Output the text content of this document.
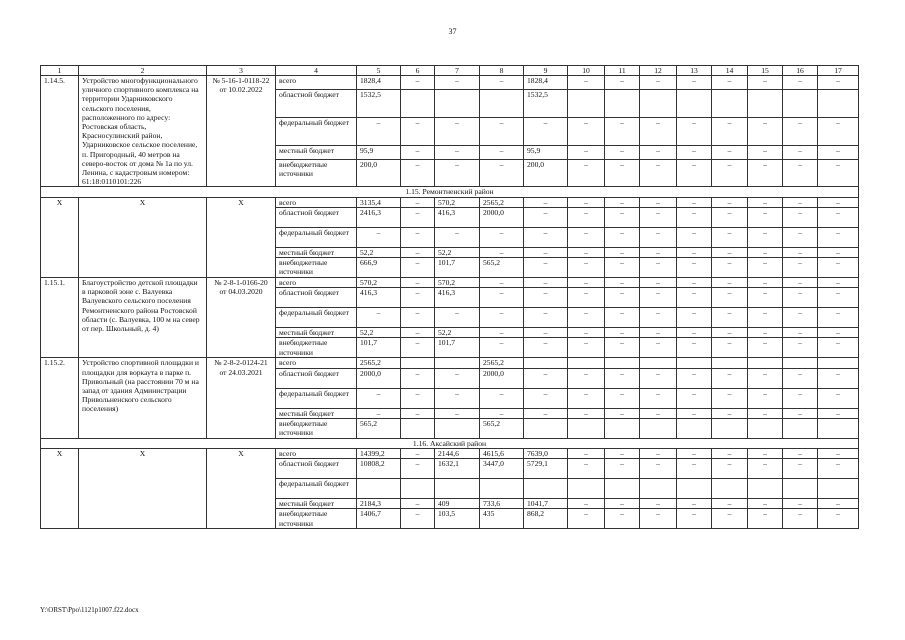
37
1	2	3	4	5	6	7	8	9	10	11	12	13	14	15	16	17
1.14.5.	Устройство многофункционального уличного спортивного комплекса на территории Ударниковского сельского поселения, расположенного по адресу: Ростовская область, Красносулинский район, Ударниковское сельское поселение, п. Пригородный, 40 метров на северо-восток от дома № 1а по ул. Ленина, с кадастровым номером: 61:18:0110101:226	№ 5-16-1-0118-22 от 10.02.2022	всего	1828,4	–	–	–	1828,4	–	–	–	–	–	–	–	–
			областной бюджет	1532,5				1532,5								
			федеральный бюджет	–	–	–	–	–	–	–	–	–	–	–	–	–
			местный бюджет	95,9	–	–	–	95,9	–	–	–	–	–	–	–	–
			внебюджетные источники	200,0	–	–	–	200,0	–	–	–	–	–	–	–	–
1.15. Ремонтненский район																
X	X	X	всего	3135,4	–	570,2	2565,2	–	–	–	–	–	–	–	–	–
			областной бюджет	2416,3	–	416,3	2000,0	–	–	–	–	–	–	–	–	–
			федеральный бюджет	–	–	–	–	–	–	–	–	–	–	–	–	–
			местный бюджет	52,2	–	52,2	–	–	–	–	–	–	–	–	–	–
			внебюджетные источники	666,9	–	101,7	565,2	–	–	–	–	–	–	–	–	–
1.15.1.	Благоустройство детской площадки в парковой зоне с. Валуевка Валуевского сельского поселения Ремонтненского района Ростовской области (с. Валуевка, 100 м на север от пер. Школьный, д. 4)	№ 2-8-1-0166-20 от 04.03.2020	всего	570,2	–	570,2	–	–	–	–	–	–	–	–	–	–
			областной бюджет	416,3	–	416,3	–	–	–	–	–	–	–	–	–	–
			федеральный бюджет	–	–	–	–	–	–	–	–	–	–	–	–	–
			местный бюджет	52,2	–	52,2	–	–	–	–	–	–	–	–	–	–
			внебюджетные источники	101,7	–	101,7	–	–	–	–	–	–	–	–	–	–
1.15.2.	Устройство спортивной площадки и площадки для воркаута в парке п. Привольный (на расстоянии 70 м на запад от здания Администрации Привольненского сельского поселения)	№ 2-8-2-0124-21 от 24.03.2021	всего	2565,2			2565,2									
			областной бюджет	2000,0	–	–	2000,0	–	–	–	–	–	–	–	–	–
			федеральный бюджет	–	–	–	–	–	–	–	–	–	–	–	–	–
			местный бюджет	–	–	–	–	–	–	–	–	–	–	–	–	–
			внебюджетные источники	565,2			565,2									
1.16. Аксайский район																
X	X	X	всего	14399,2	–	2144,6	4615,6	7639,0	–	–	–	–	–	–	–	–
			областной бюджет	10808,2	–	1632,1	3447,0	5729,1	–	–	–	–	–	–	–	–
			федеральный бюджет													
			местный бюджет	2184,3	–	409	733,6	1041,7	–	–	–	–	–	–	–	–
			внебюджетные источники	1406,7	–	103,5	435	868,2	–	–	–	–	–	–	–	–
Y:\ORST\Ppo\1121p1007.f22.docx
